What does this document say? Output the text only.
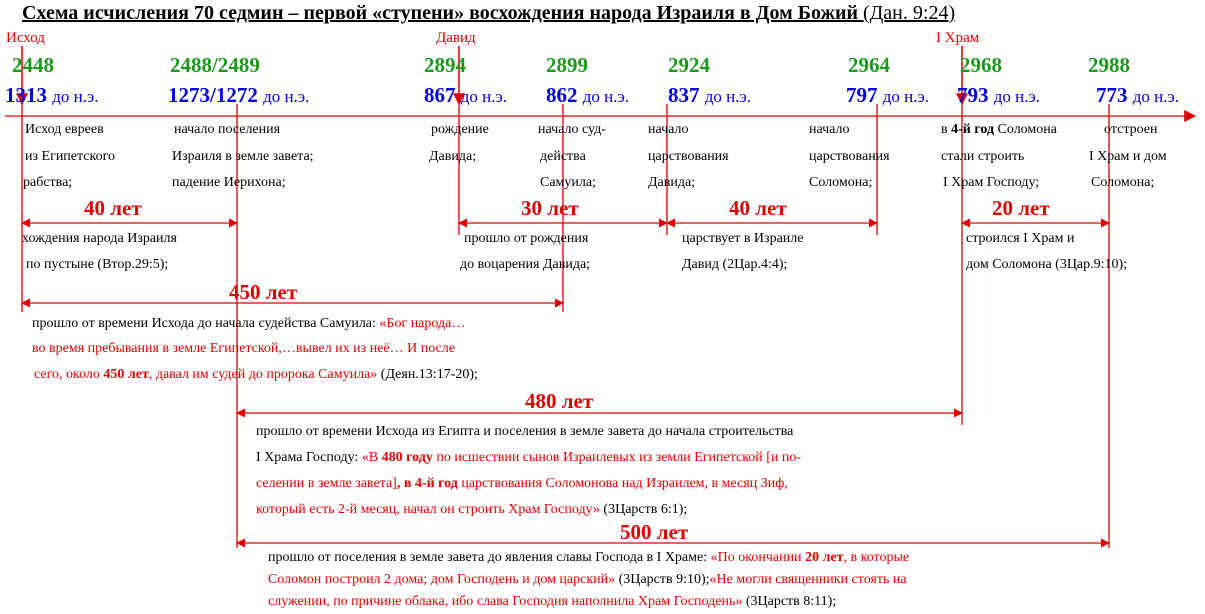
Схема исчисления 70 седмин – первой «ступени» восхождения народа Израиля в Дом Божий (Дан. 9:24)
Исход	Давид	I Храм
2448	2488/2489	2894	2899	2924	2964	2968	2988
1313 до н.э.	1273/1272 до н.э.	867 до н.э. 862 до н.э. 837 до н.э.	797 до н.э. 793 до н.э.	773 до н.э.
Исход евреев
из Египетского
рабства;
начало поселения
Израиля в земле завета;
падение Иерихона;
рождение
Давида;
начало суд-
действа
Самуила;
начало
царствования
Давида;
начало
царствования
Соломона;
в 4-й год Соломона
стали строить
I Храм Господу;
отстроен
I Храм и дом
Соломона;
40 лет	30 лет	40 лет	20 лет
450 лет
480 лет
500 лет
хождения народа Израиля
по пустыне (Втор.29:5);
прошло от рождения
до воцарения Давида;
царствует в Израиле
Давид (2Цар.4:4);
строился I Храм и
дом Соломона (3Цар.9:10);
прошло от времени Исхода до начала судейства Самуила: «Бог народа…
во время пребывания в земле Египетской,…вывел их из неё… И после
сего, около 450 лет, давал им судей до пророка Самуила» (Деян.13:17-20);
прошло от времени Исхода из Египта и поселения в земле завета до начала строительства
I Храма Господу: «В 480 году по исшествии сынов Израилевых из земли Египетской [и по-
селении в земле завета], в 4-й год царствования Соломонова над Израилем, в месяц Зиф,
который есть 2-й месяц, начал он строить Храм Господу» (3Царств 6:1);
прошло от поселения в земле завета до явления славы Господа в I Храме: «По окончании 20 лет, в которые
Соломон построил 2 дома; дом Господень и дом царский» (3Царств 9:10);«Не могли священники стоять на
служении, по причине облака, ибо слава Господня наполнила Храм Господень» (3Царств 8:11);
